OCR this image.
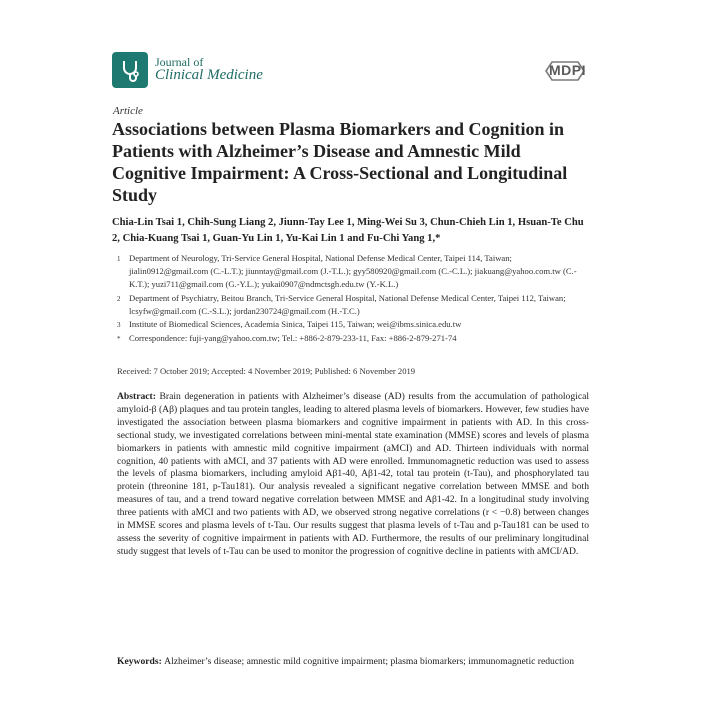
Journal of
Clinical Medicine	MDPI
Article
Associations between Plasma Biomarkers and Cognition in Patients with Alzheimer’s Disease and Amnestic Mild Cognitive Impairment: A Cross-Sectional and Longitudinal Study
Chia-Lin Tsai 1, Chih-Sung Liang 2, Jiunn-Tay Lee 1, Ming-Wei Su 3, Chun-Chieh Lin 1, Hsuan-Te Chu 2, Chia-Kuang Tsai 1, Guan-Yu Lin 1, Yu-Kai Lin 1 and Fu-Chi Yang 1,*
1 Department of Neurology, Tri-Service General Hospital, National Defense Medical Center, Taipei 114, Taiwan; jialin0912@gmail.com (C.-L.T.); jiunntay@gmail.com (J.-T.L.); gyy580920@gmail.com (C.-C.L.); jiakuang@yahoo.com.tw (C.-K.T.); yuzi711@gmail.com (G.-Y.L.); yukai0907@ndmctsgh.edu.tw (Y.-K.L.)
2 Department of Psychiatry, Beitou Branch, Tri-Service General Hospital, National Defense Medical Center, Taipei 112, Taiwan; lcsyfw@gmail.com (C.-S.L.); jordan230724@gmail.com (H.-T.C.)
3 Institute of Biomedical Sciences, Academia Sinica, Taipei 115, Taiwan; wei@ibms.sinica.edu.tw
* Correspondence: fuji-yang@yahoo.com.tw; Tel.: +886-2-879-233-11, Fax: +886-2-879-271-74
Received: 7 October 2019; Accepted: 4 November 2019; Published: 6 November 2019
Abstract: Brain degeneration in patients with Alzheimer’s disease (AD) results from the accumulation of pathological amyloid-β (Aβ) plaques and tau protein tangles, leading to altered plasma levels of biomarkers. However, few studies have investigated the association between plasma biomarkers and cognitive impairment in patients with AD. In this cross-sectional study, we investigated correlations between mini-mental state examination (MMSE) scores and levels of plasma biomarkers in patients with amnestic mild cognitive impairment (aMCI) and AD. Thirteen individuals with normal cognition, 40 patients with aMCI, and 37 patients with AD were enrolled. Immunomagnetic reduction was used to assess the levels of plasma biomarkers, including amyloid Aβ1-40, Aβ1-42, total tau protein (t-Tau), and phosphorylated tau protein (threonine 181, p-Tau181). Our analysis revealed a significant negative correlation between MMSE and both measures of tau, and a trend toward negative correlation between MMSE and Aβ1-42. In a longitudinal study involving three patients with aMCI and two patients with AD, we observed strong negative correlations (r < −0.8) between changes in MMSE scores and plasma levels of t-Tau. Our results suggest that plasma levels of t-Tau and p-Tau181 can be used to assess the severity of cognitive impairment in patients with AD. Furthermore, the results of our preliminary longitudinal study suggest that levels of t-Tau can be used to monitor the progression of cognitive decline in patients with aMCI/AD.
Keywords: Alzheimer’s disease; amnestic mild cognitive impairment; plasma biomarkers; immunomagnetic reduction
